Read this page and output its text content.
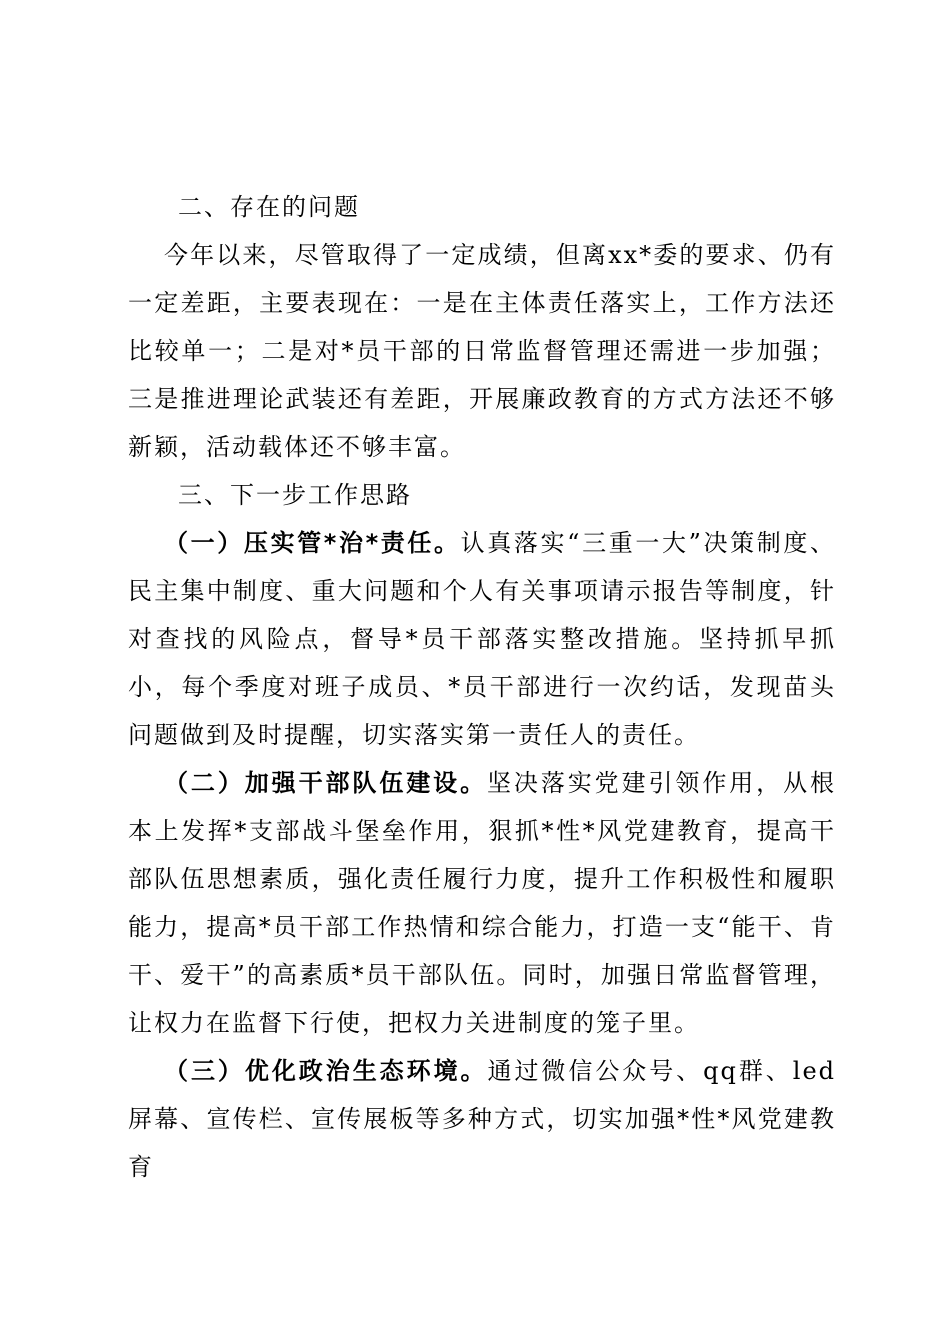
二、存在的问题

今年以来，尽管取得了一定成绩，但离xx*委的要求、仍有一定差距，主要表现在：一是在主体责任落实上，工作方法还比较单一；二是对*员干部的日常监督管理还需进一步加强；三是推进理论武装还有差距，开展廉政教育的方式方法还不够新颖，活动载体还不够丰富。

三、下一步工作思路

（一）压实管*治*责任。认真落实“三重一大”决策制度、民主集中制度、重大问题和个人有关事项请示报告等制度，针对查找的风险点，督导*员干部落实整改措施。坚持抓早抓小，每个季度对班子成员、*员干部进行一次约话，发现苗头问题做到及时提醒，切实落实第一责任人的责任。

（二）加强干部队伍建设。坚决落实党建引领作用，从根本上发挥*支部战斗堡垒作用，狠抓*性*风党建教育，提高干部队伍思想素质，强化责任履行力度，提升工作积极性和履职能力，提高*员干部工作热情和综合能力，打造一支“能干、肯干、爱干”的高素质*员干部队伍。同时，加强日常监督管理，让权力在监督下行使，把权力关进制度的笼子里。

（三）优化政治生态环境。通过微信公众号、qq群、led屏幕、宣传栏、宣传展板等多种方式，切实加强*性*风党建教育
